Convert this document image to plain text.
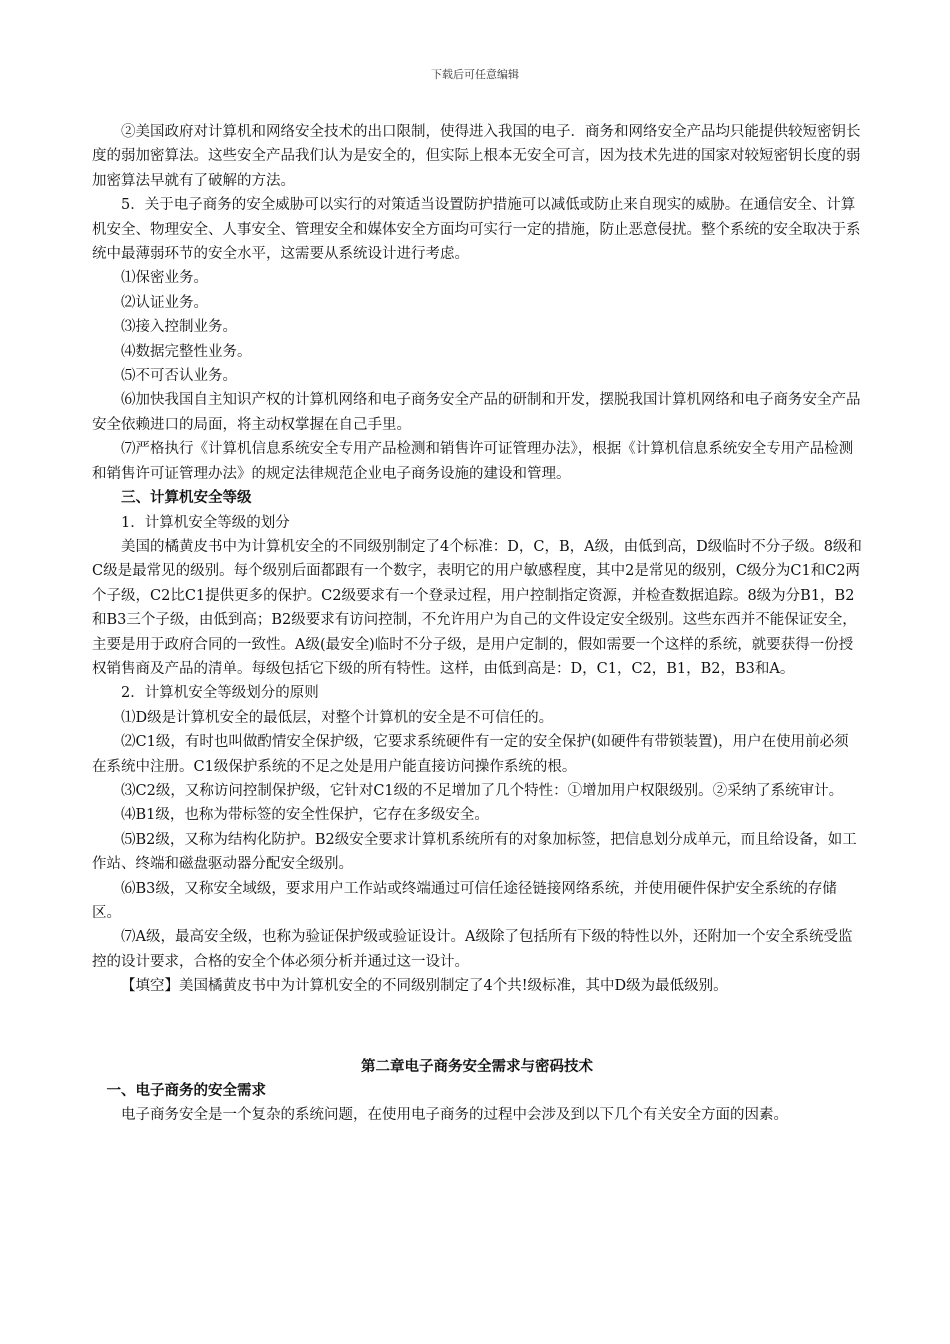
下载后可任意编辑

②美国政府对计算机和网络安全技术的出口限制，使得进入我国的电子．商务和网络安全产品均只能提供较短密钥长度的弱加密算法。这些安全产品我们认为是安全的，但实际上根本无安全可言，因为技术先进的国家对较短密钥长度的弱加密算法早就有了破解的方法。

5．关于电子商务的安全威胁可以实行的对策适当设置防护措施可以减低或防止来自现实的威胁。在通信安全、计算机安全、物理安全、人事安全、管理安全和媒体安全方面均可实行一定的措施，防止恶意侵扰。整个系统的安全取决于系统中最薄弱环节的安全水平，这需要从系统设计进行考虑。

⑴保密业务。

⑵认证业务。

⑶接入控制业务。

⑷数据完整性业务。

⑸不可否认业务。

⑹加快我国自主知识产权的计算机网络和电子商务安全产品的研制和开发，摆脱我国计算机网络和电子商务安全产品安全依赖进口的局面，将主动权掌握在自己手里。

⑺严格执行《计算机信息系统安全专用产品检测和销售许可证管理办法》，根据《计算机信息系统安全专用产品检测和销售许可证管理办法》的规定法律规范企业电子商务设施的建设和管理。

三、计算机安全等级

1．计算机安全等级的划分

美国的橘黄皮书中为计算机安全的不同级别制定了4个标准：D，C，B，A级，由低到高，D级临时不分子级。8级和C级是最常见的级别。每个级别后面都跟有一个数字，表明它的用户敏感程度，其中2是常见的级别，C级分为C1和C2两个子级，C2比C1提供更多的保护。C2级要求有一个登录过程，用户控制指定资源，并检查数据追踪。8级为分B1，B2和B3三个子级，由低到高；B2级要求有访问控制，不允许用户为自己的文件设定安全级别。这些东西并不能保证安全，主要是用于政府合同的一致性。A级(最安全)临时不分子级，是用户定制的，假如需要一个这样的系统，就要获得一份授权销售商及产品的清单。每级包括它下级的所有特性。这样，由低到高是：D，C1，C2，B1，B2，B3和A。

2．计算机安全等级划分的原则

⑴D级是计算机安全的最低层，对整个计算机的安全是不可信任的。

⑵C1级，有时也叫做酌情安全保护级，它要求系统硬件有一定的安全保护(如硬件有带锁装置)，用户在使用前必须在系统中注册。C1级保护系统的不足之处是用户能直接访问操作系统的根。

⑶C2级，又称访问控制保护级，它针对C1级的不足增加了几个特性：①增加用户权限级别。②采纳了系统审计。

⑷B1级，也称为带标签的安全性保护，它存在多级安全。

⑸B2级，又称为结构化防护。B2级安全要求计算机系统所有的对象加标签，把信息划分成单元，而且给设备，如工作站、终端和磁盘驱动器分配安全级别。

⑹B3级，又称安全域级，要求用户工作站或终端通过可信任途径链接网络系统，并使用硬件保护安全系统的存储区。

⑺A级，最高安全级，也称为验证保护级或验证设计。A级除了包括所有下级的特性以外，还附加一个安全系统受监控的设计要求，合格的安全个体必须分析并通过这一设计。

【填空】美国橘黄皮书中为计算机安全的不同级别制定了4个共!级标准，其中D级为最低级别。

第二章电子商务安全需求与密码技术

一、电子商务的安全需求

电子商务安全是一个复杂的系统问题，在使用电子商务的过程中会涉及到以下几个有关安全方面的因素。
